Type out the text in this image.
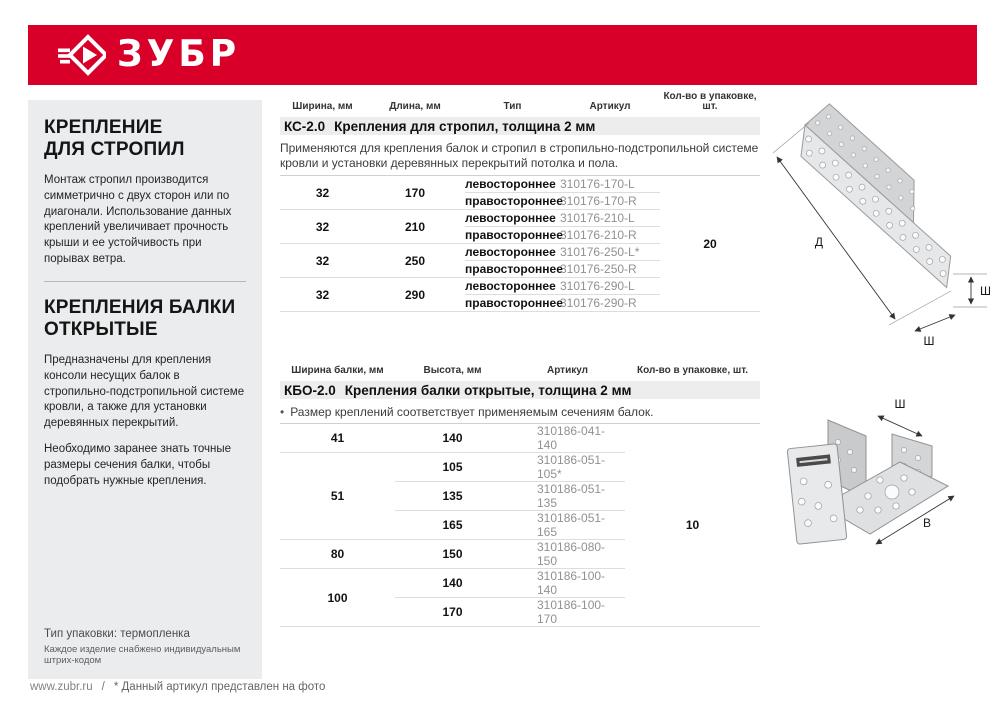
ЗУБР
КРЕПЛЕНИЕ
ДЛЯ СТРОПИЛ

Монтаж стропил производится симметрично с двух сторон или по диагонали. Использование данных креплений увеличивает прочность крыши и ее устойчивость при порывах ветра.

КРЕПЛЕНИЯ БАЛКИ
ОТКРЫТЫЕ

Предназначены для крепления консоли несущих балок в стропильно-подстропильной системе кровли, а также для установки деревянных перекрытий.

Необходимо заранее знать точные размеры сечения балки, чтобы подобрать нужные крепления.

Тип упаковки: термопленка
Каждое изделие снабжено индивидуальным штрих-кодом
www.zubr.ru / * Данный артикул представлен на фото
Ширина, мм	Длина, мм	Тип	Артикул
Кол-во в упаковке, шт.
КС-2.0 Крепления для стропил, толщина 2 мм

Применяются для крепления балок и стропил в стропильно-подстропильной системе кровли и установки деревянных перекрытий потолка и пола.

32	170	левостороннее	310176-170-L	20
		правостороннее	310176-170-R	
32	210	левостороннее	310176-210-L	
		правостороннее	310176-210-R	
32	250	левостороннее	310176-250-L*	
		правостороннее	310176-250-R	
32	290	левостороннее	310176-290-L	
		правостороннее	310176-290-R	
Ширина балки, мм	Высота, мм	Артикул	Кол-во в упаковке, шт.
КБО-2.0 Крепления балки открытые, толщина 2 мм

• Размер креплений соответствует применяемым сечениям балок.

41	140	310186-041-140	10
51	105	310186-051-105*	
	135	310186-051-135	
	165	310186-051-165	
80	150	310186-080-150	
100	140	310186-100-140	
	170	310186-100-170	
Д
Ш
Ш
Ш
В
